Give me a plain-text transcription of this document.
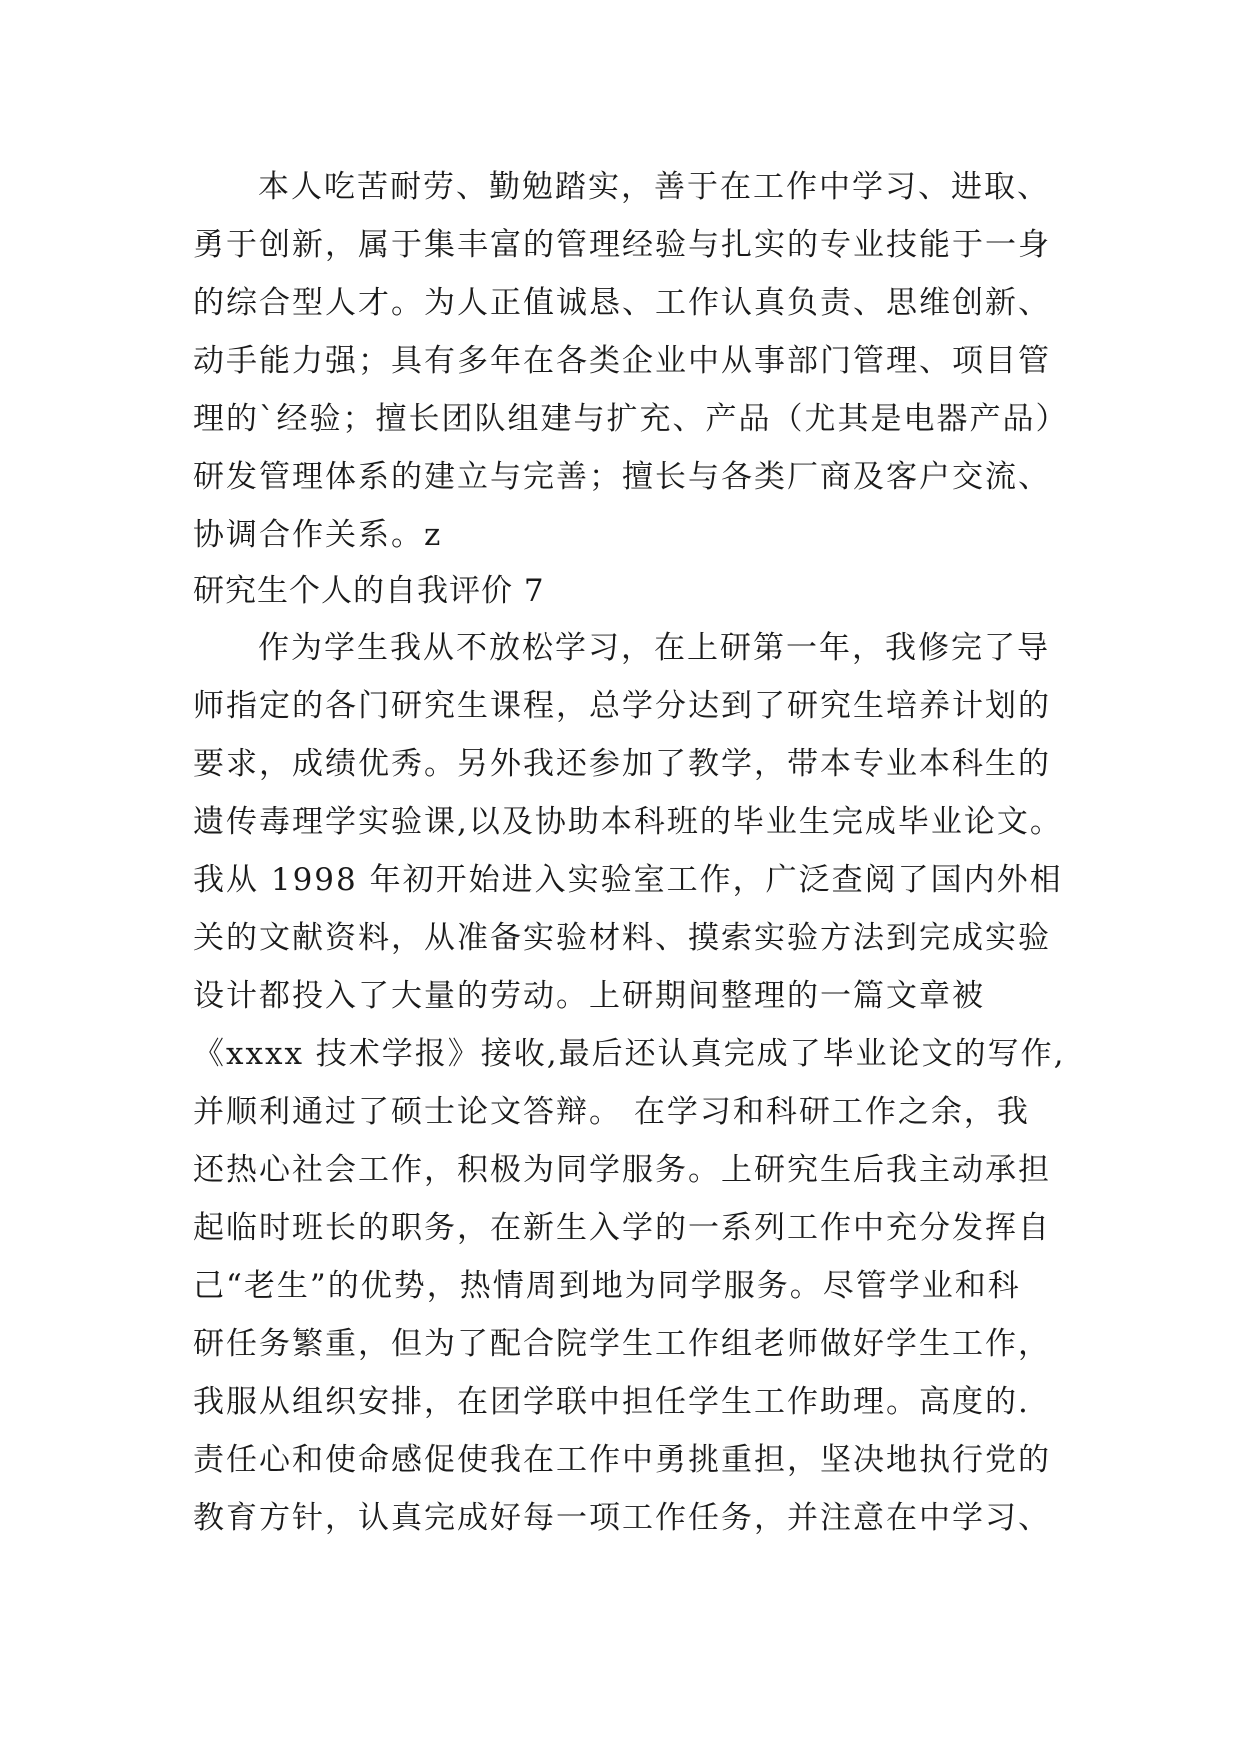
本人吃苦耐劳、勤勉踏实，善于在工作中学习、进取、
勇于创新，属于集丰富的管理经验与扎实的专业技能于一身
的综合型人才。为人正值诚恳、工作认真负责、思维创新、
动手能力强；具有多年在各类企业中从事部门管理、项目管
理的`经验；擅长团队组建与扩充、产品（尤其是电器产品）
研发管理体系的建立与完善；擅长与各类厂商及客户交流、
协调合作关系。z
研究生个人的自我评价 7
作为学生我从不放松学习，在上研第一年，我修完了导
师指定的各门研究生课程，总学分达到了研究生培养计划的
要求，成绩优秀。另外我还参加了教学，带本专业本科生的
遗传毒理学实验课,以及协助本科班的毕业生完成毕业论文。
我从 1998 年初开始进入实验室工作，广泛查阅了国内外相
关的文献资料，从准备实验材料、摸索实验方法到完成实验
设计都投入了大量的劳动。上研期间整理的一篇文章被
《xxxx 技术学报》接收,最后还认真完成了毕业论文的写作,
并顺利通过了硕士论文答辩。 在学习和科研工作之余，我
还热心社会工作，积极为同学服务。上研究生后我主动承担
起临时班长的职务，在新生入学的一系列工作中充分发挥自
己“老生”的优势，热情周到地为同学服务。尽管学业和科
研任务繁重，但为了配合院学生工作组老师做好学生工作，
我服从组织安排，在团学联中担任学生工作助理。高度的.
责任心和使命感促使我在工作中勇挑重担，坚决地执行党的
教育方针，认真完成好每一项工作任务，并注意在中学习、
